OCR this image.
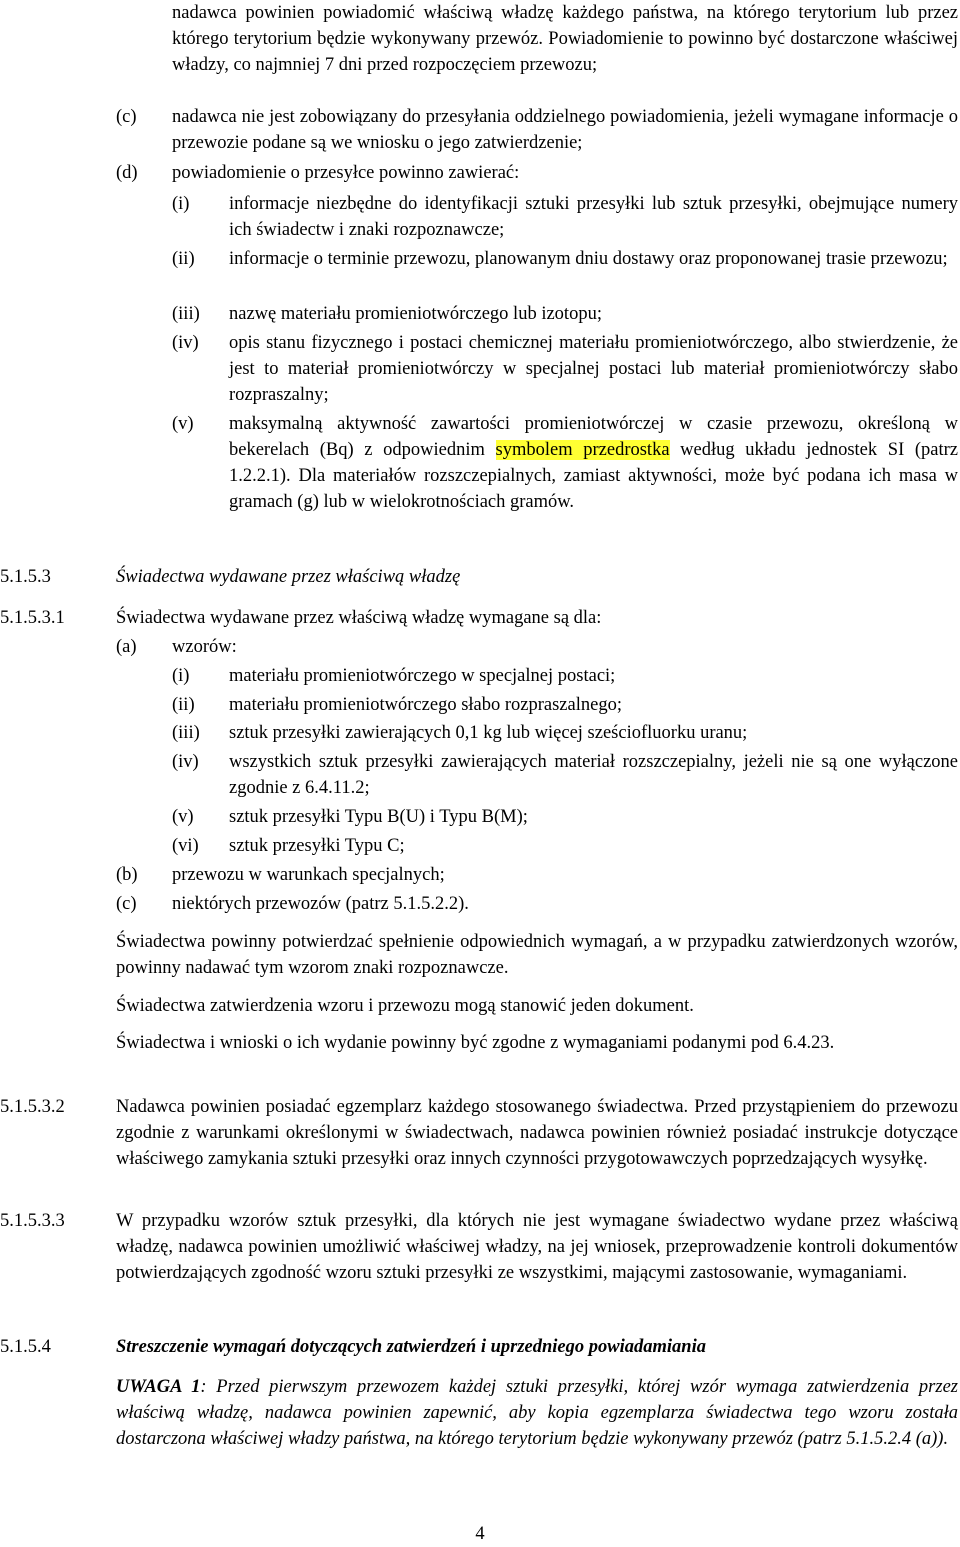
nadawca powinien powiadomić właściwą władzę każdego państwa, na którego terytorium lub przez którego terytorium będzie wykonywany przewóz. Powiadomienie to powinno być dostarczone właściwej władzy, co najmniej 7 dni przed rozpoczęciem przewozu;
(c) nadawca nie jest zobowiązany do przesyłania oddzielnego powiadomienia, jeżeli wymagane informacje o przewozie podane są we wniosku o jego zatwierdzenie;
(d) powiadomienie o przesyłce powinno zawierać:
(i) informacje niezbędne do identyfikacji sztuki przesyłki lub sztuk przesyłki, obejmujące numery ich świadectw i znaki rozpoznawcze;
(ii) informacje o terminie przewozu, planowanym dniu dostawy oraz proponowanej trasie przewozu;
(iii) nazwę materiału promieniotwórczego lub izotopu;
(iv) opis stanu fizycznego i postaci chemicznej materiału promieniotwórczego, albo stwierdzenie, że jest to materiał promieniotwórczy w specjalnej postaci lub materiał promieniotwórczy słabo rozpraszalny;
(v) maksymalną aktywność zawartości promieniotwórczej w czasie przewozu, określoną w bekerelach (Bq) z odpowiednim symbolem przedrostka według układu jednostek SI (patrz 1.2.2.1). Dla materiałów rozszczepialnych, zamiast aktywności, może być podana ich masa w gramach (g) lub w wielokrotnościach gramów.
5.1.5.3	Świadectwa wydawane przez właściwą władzę
5.1.5.3.1	Świadectwa wydawane przez właściwą władzę wymagane są dla:
(a) wzorów:
(i) materiału promieniotwórczego w specjalnej postaci;
(ii) materiału promieniotwórczego słabo rozpraszalnego;
(iii) sztuk przesyłki zawierających 0,1 kg lub więcej sześciofluorku uranu;
(iv) wszystkich sztuk przesyłki zawierających materiał rozszczepialny, jeżeli nie są one wyłączone zgodnie z 6.4.11.2;
(v) sztuk przesyłki Typu B(U) i Typu B(M);
(vi) sztuk przesyłki Typu C;
(b) przewozu w warunkach specjalnych;
(c) niektórych przewozów (patrz 5.1.5.2.2).
Świadectwa powinny potwierdzać spełnienie odpowiednich wymagań, a w przypadku zatwierdzonych wzorów, powinny nadawać tym wzorom znaki rozpoznawcze.
Świadectwa zatwierdzenia wzoru i przewozu mogą stanowić jeden dokument.
Świadectwa i wnioski o ich wydanie powinny być zgodne z wymaganiami podanymi pod 6.4.23.
5.1.5.3.2	Nadawca powinien posiadać egzemplarz każdego stosowanego świadectwa. Przed przystąpieniem do przewozu zgodnie z warunkami określonymi w świadectwach, nadawca powinien również posiadać instrukcje dotyczące właściwego zamykania sztuki przesyłki oraz innych czynności przygotowawczych poprzedzających wysyłkę.
5.1.5.3.3	W przypadku wzorów sztuk przesyłki, dla których nie jest wymagane świadectwo wydane przez właściwą władzę, nadawca powinien umożliwić właściwej władzy, na jej wniosek, przeprowadzenie kontroli dokumentów potwierdzających zgodność wzoru sztuki przesyłki ze wszystkimi, mającymi zastosowanie, wymaganiami.
5.1.5.4	Streszczenie wymagań dotyczących zatwierdzeń i uprzedniego powiadamiania
UWAGA 1: Przed pierwszym przewozem każdej sztuki przesyłki, której wzór wymaga zatwierdzenia przez właściwą władzę, nadawca powinien zapewnić, aby kopia egzemplarza świadectwa tego wzoru została dostarczona właściwej władzy państwa, na którego terytorium będzie wykonywany przewóz (patrz 5.1.5.2.4 (a)).
4
